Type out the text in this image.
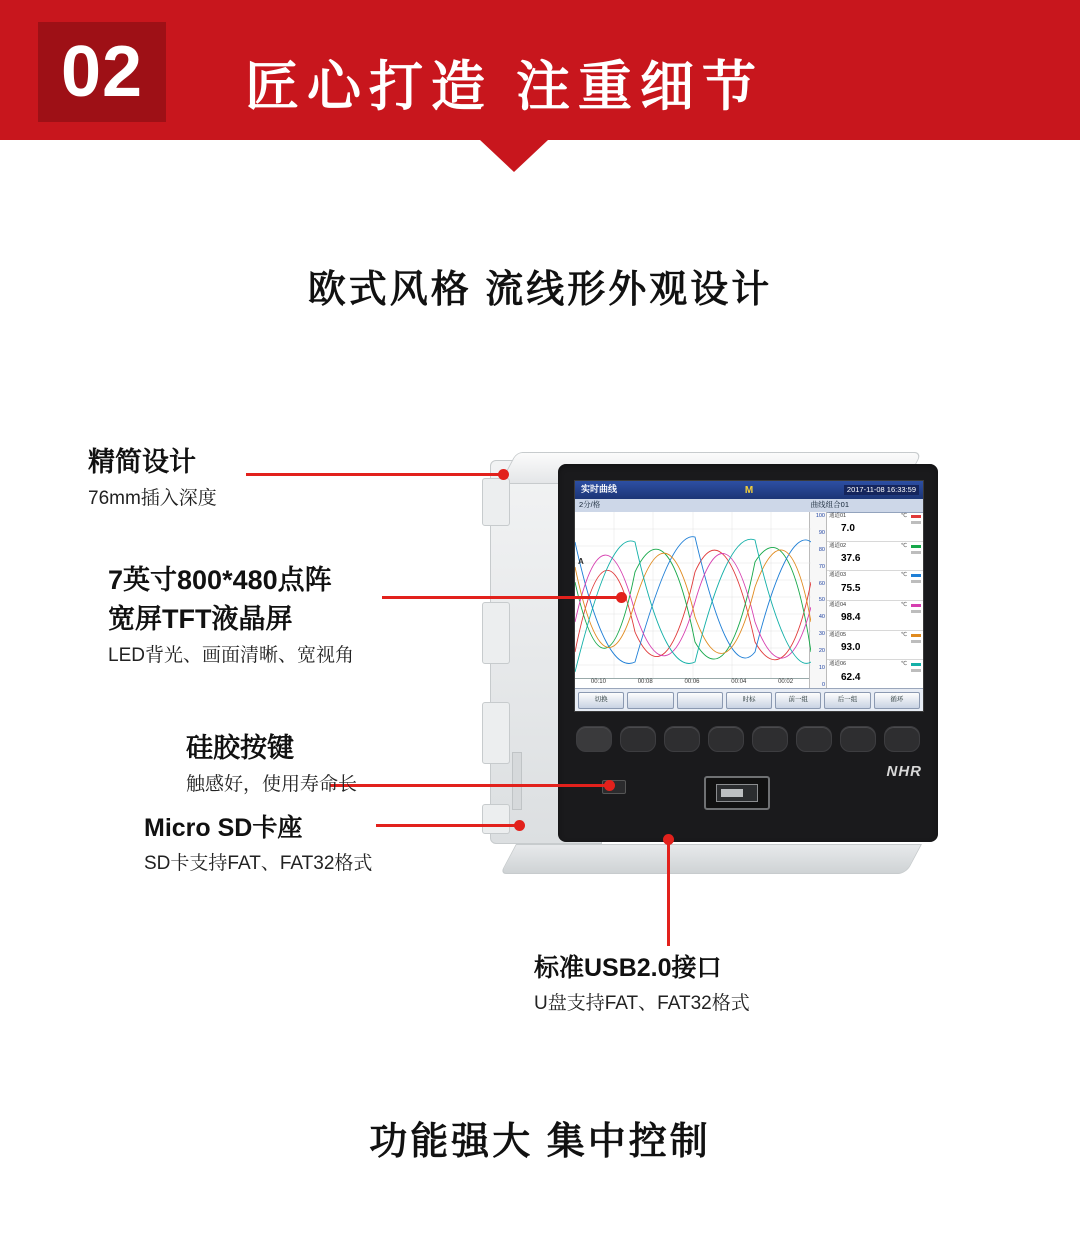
02 匠心打造 注重细节
欧式风格 流线形外观设计
功能强大 集中控制
实时曲线	M	2017-11-08 16:33:59
2分/格	曲线组合01
A
00:10	00:08	00:06	00:04	00:02
100
90
80
70
60
50
40
30
20
10
0
通道01	℃
7.0
通道02	℃
37.6
通道03	℃
75.5
通道04	℃
98.4
通道05	℃
93.0
通道06	℃
62.4
切换	时标	前一组	后一组	循环
NHR
精简设计
76mm插入深度
7英寸800*480点阵
宽屏TFT液晶屏
LED背光、画面清晰、宽视角
硅胶按键
触感好，使用寿命长
Micro SD卡座
SD卡支持FAT、FAT32格式
标准USB2.0接口
U盘支持FAT、FAT32格式
